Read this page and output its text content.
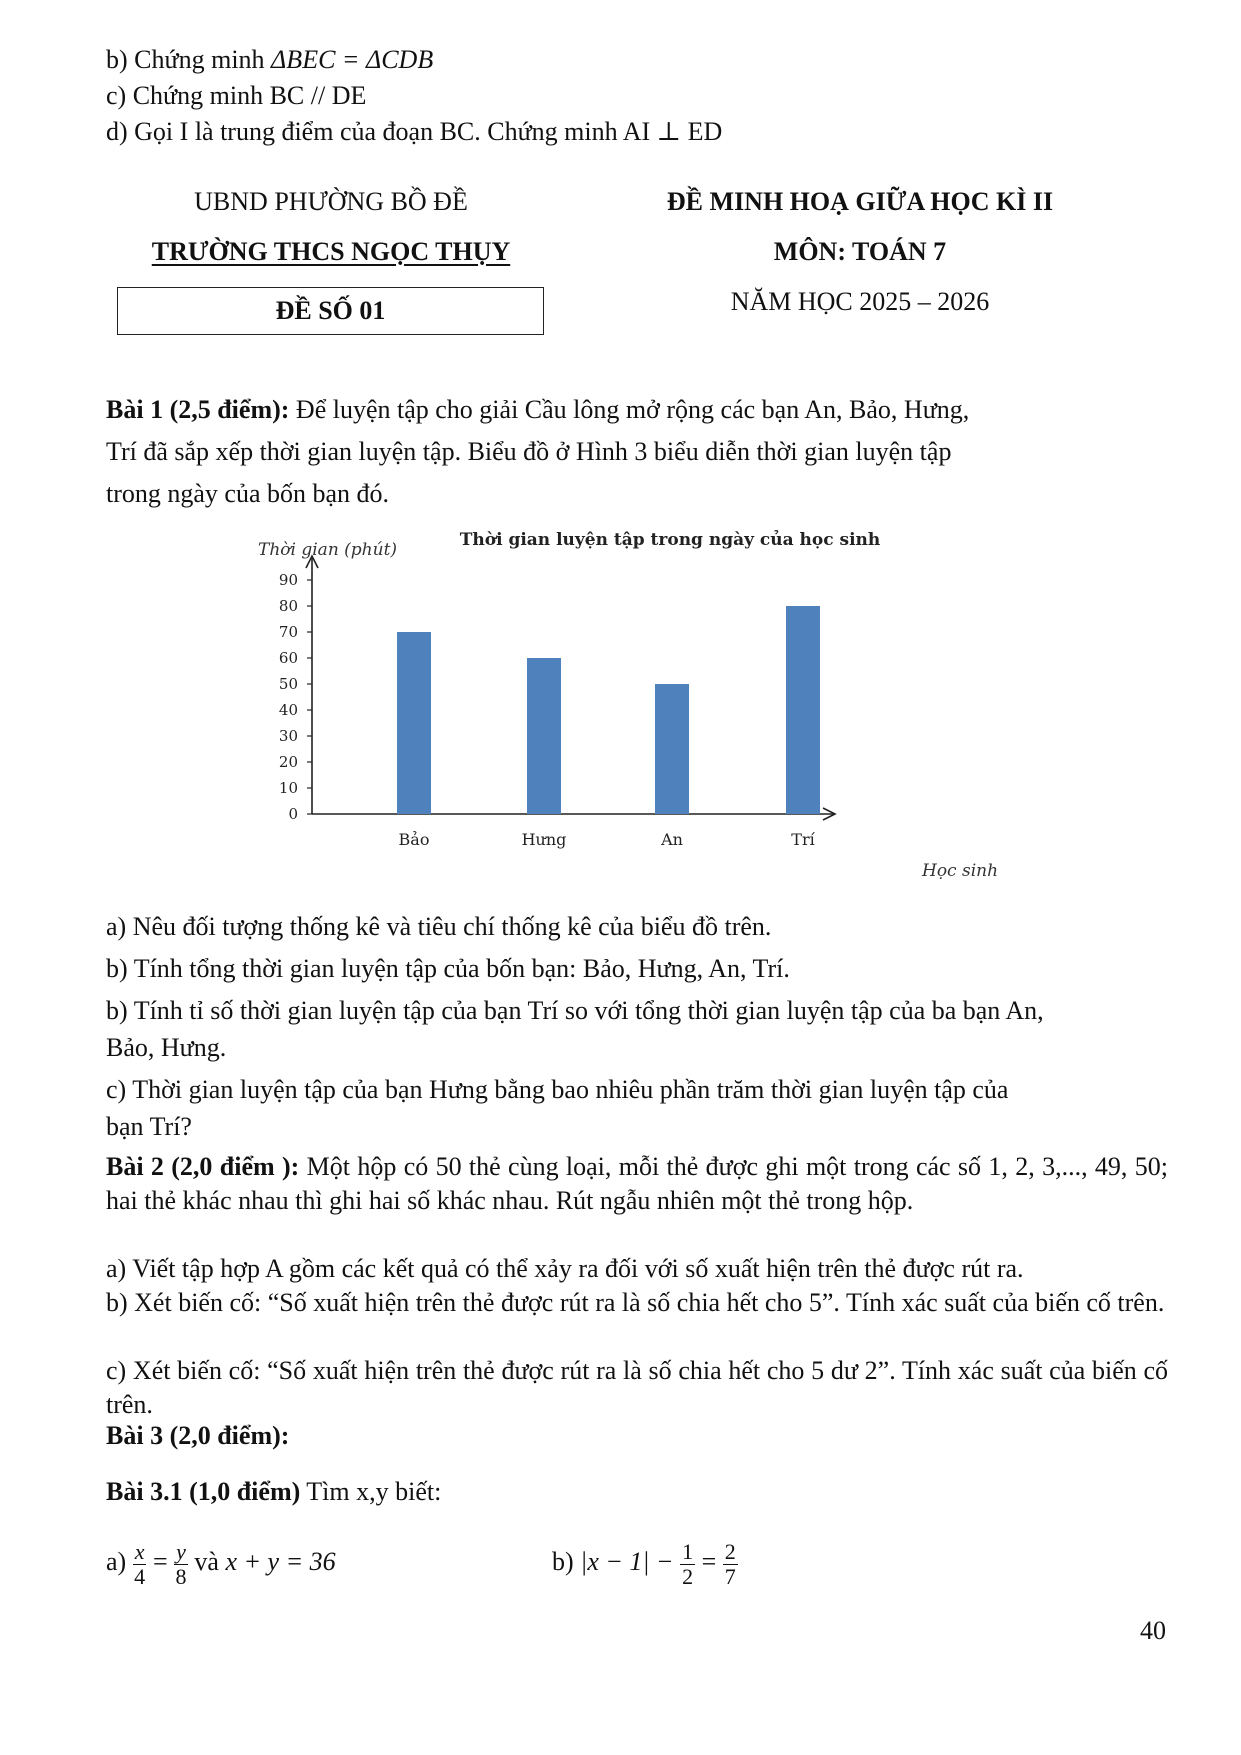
b) Chứng minh ΔBEC = ΔCDB
c) Chứng minh BC // DE
d) Gọi I là trung điểm của đoạn BC. Chứng minh AI ⊥ ED
UBND PHƯỜNG BỒ ĐỀ
TRƯỜNG THCS NGỌC THỤY
ĐỀ SỐ 01
ĐỀ MINH HOẠ GIỮA HỌC KÌ II
MÔN: TOÁN 7
NĂM HỌC 2025 – 2026
Bài 1 (2,5 điểm): Để luyện tập cho giải Cầu lông mở rộng các bạn An, Bảo, Hưng,
Trí đã sắp xếp thời gian luyện tập. Biểu đồ ở Hình 3 biểu diễn thời gian luyện tập
trong ngày của bốn bạn đó.
Thời gian luyện tập trong ngày của học sinh
Thời gian (phút)
Học sinh
0
10
20
30
40
50
60
70
80
90
Bảo	Hưng	An	Trí
a) Nêu đối tượng thống kê và tiêu chí thống kê của biểu đồ trên.
b) Tính tổng thời gian luyện tập của bốn bạn: Bảo, Hưng, An, Trí.
b) Tính tỉ số thời gian luyện tập của bạn Trí so với tổng thời gian luyện tập của ba bạn An,
Bảo, Hưng.
c) Thời gian luyện tập của bạn Hưng bằng bao nhiêu phần trăm thời gian luyện tập của
bạn Trí?
Bài 2 (2,0 điểm ): Một hộp có 50 thẻ cùng loại, mỗi thẻ được ghi một trong các số 1, 2, 3,..., 49, 50; hai thẻ khác nhau thì ghi hai số khác nhau. Rút ngẫu nhiên một thẻ trong hộp.
a) Viết tập hợp A gồm các kết quả có thể xảy ra đối với số xuất hiện trên thẻ được rút ra.
b) Xét biến cố: “Số xuất hiện trên thẻ được rút ra là số chia hết cho 5”. Tính xác suất của biến cố trên.
c) Xét biến cố: “Số xuất hiện trên thẻ được rút ra là số chia hết cho 5 dư 2”. Tính xác suất của biến cố trên.
Bài 3 (2,0 điểm):
Bài 3.1 (1,0 điểm) Tìm x,y biết:
$a) \frac{x}{4} = \frac{y}{8}$ và x + y = 36	b) $|x - 1| - \frac{1}{2} = \frac{2}{7}$
40
